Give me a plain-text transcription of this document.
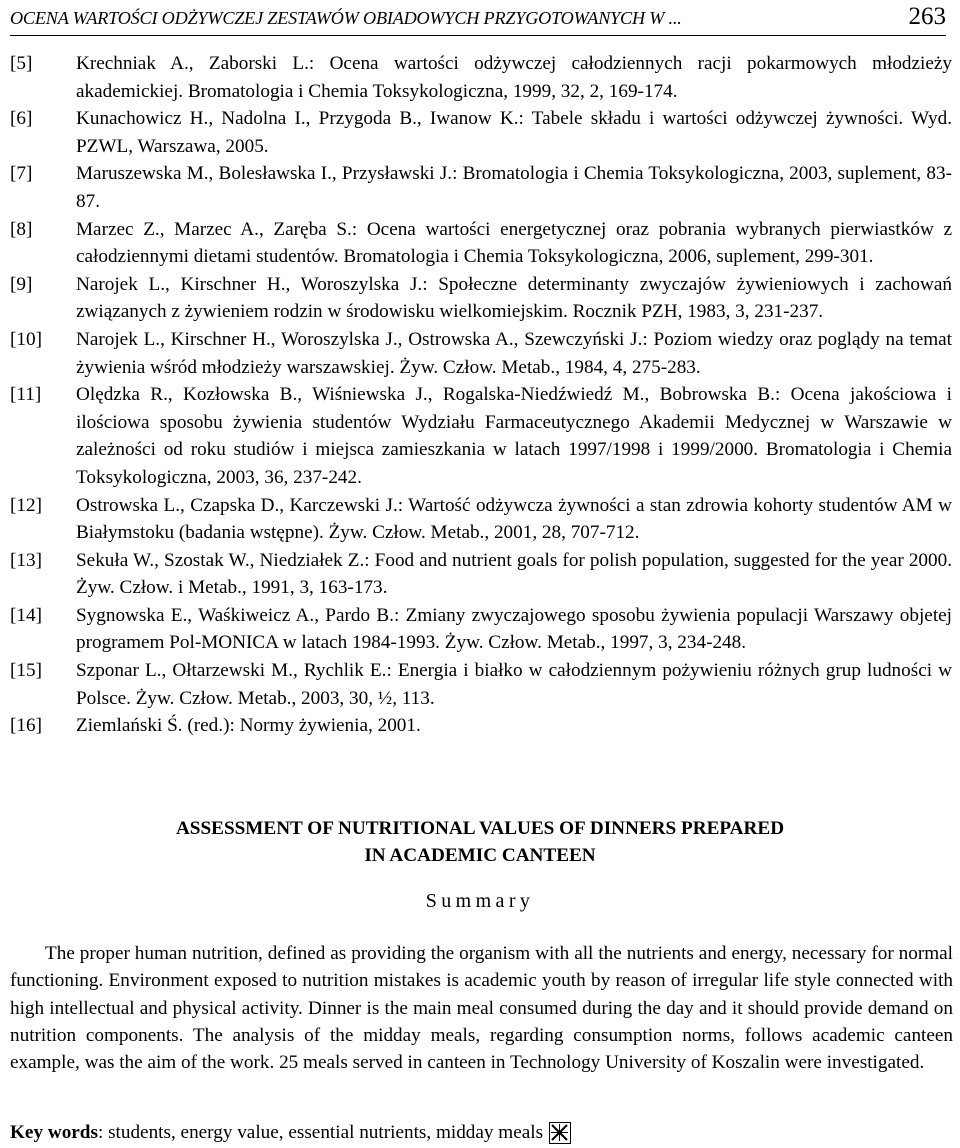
OCENA WARTOŚCI ODŻYWCZEJ ZESTAWÓW OBIADOWYCH PRZYGOTOWANYCH W ...	263
[5]	Krechniak A., Zaborski L.: Ocena wartości odżywczej całodziennych racji pokarmowych młodzieży akademickiej. Bromatologia i Chemia Toksykologiczna, 1999, 32, 2, 169-174.
[6]	Kunachowicz H., Nadolna I., Przygoda B., Iwanow K.: Tabele składu i wartości odżywczej żywności. Wyd. PZWL, Warszawa, 2005.
[7]	Maruszewska M., Bolesławska I., Przysławski J.: Bromatologia i Chemia Toksykologiczna, 2003, suplement, 83-87.
[8]	Marzec Z., Marzec A., Zaręba S.: Ocena wartości energetycznej oraz pobrania wybranych pierwiastków z całodziennymi dietami studentów. Bromatologia i Chemia Toksykologiczna, 2006, suplement, 299-301.
[9]	Narojek L., Kirschner H., Woroszylska J.: Społeczne determinanty zwyczajów żywieniowych i zachowań związanych z żywieniem rodzin w środowisku wielkomiejskim. Rocznik PZH, 1983, 3, 231-237.
[10]	Narojek L., Kirschner H., Woroszylska J., Ostrowska A., Szewczyński J.: Poziom wiedzy oraz poglądy na temat żywienia wśród młodzieży warszawskiej. Żyw. Człow. Metab., 1984, 4, 275-283.
[11]	Olędzka R., Kozłowska B., Wiśniewska J., Rogalska-Niedźwiedź M., Bobrowska B.: Ocena jakościowa i ilościowa sposobu żywienia studentów Wydziału Farmaceutycznego Akademii Medycznej w Warszawie w zależności od roku studiów i miejsca zamieszkania w latach 1997/1998 i 1999/2000. Bromatologia i Chemia Toksykologiczna, 2003, 36, 237-242.
[12]	Ostrowska L., Czapska D., Karczewski J.: Wartość odżywcza żywności a stan zdrowia kohorty studentów AM w Białymstoku (badania wstępne). Żyw. Człow. Metab., 2001, 28, 707-712.
[13]	Sekuła W., Szostak W., Niedziałek Z.: Food and nutrient goals for polish population, suggested for the year 2000. Żyw. Człow. i Metab., 1991, 3, 163-173.
[14]	Sygnowska E., Waśkiweicz A., Pardo B.: Zmiany zwyczajowego sposobu żywienia populacji Warszawy objetej programem Pol-MONICA w latach 1984-1993. Żyw. Człow. Metab., 1997, 3, 234-248.
[15]	Szponar L., Ołtarzewski M., Rychlik E.: Energia i białko w całodziennym pożywieniu różnych grup ludności w Polsce. Żyw. Człow. Metab., 2003, 30, ½, 113.
[16]	Ziemlański Ś. (red.): Normy żywienia, 2001.
ASSESSMENT OF NUTRITIONAL VALUES OF DINNERS PREPARED
IN ACADEMIC CANTEEN
Summary
The proper human nutrition, defined as providing the organism with all the nutrients and energy, necessary for normal functioning. Environment exposed to nutrition mistakes is academic youth by reason of irregular life style connected with high intellectual and physical activity. Dinner is the main meal consumed during the day and it should provide demand on nutrition components. The analysis of the midday meals, regarding consumption norms, follows academic canteen example, was the aim of the work. 25 meals served in canteen in Technology University of Koszalin were investigated.
Key words : students, energy value, essential nutrients, midday meals
